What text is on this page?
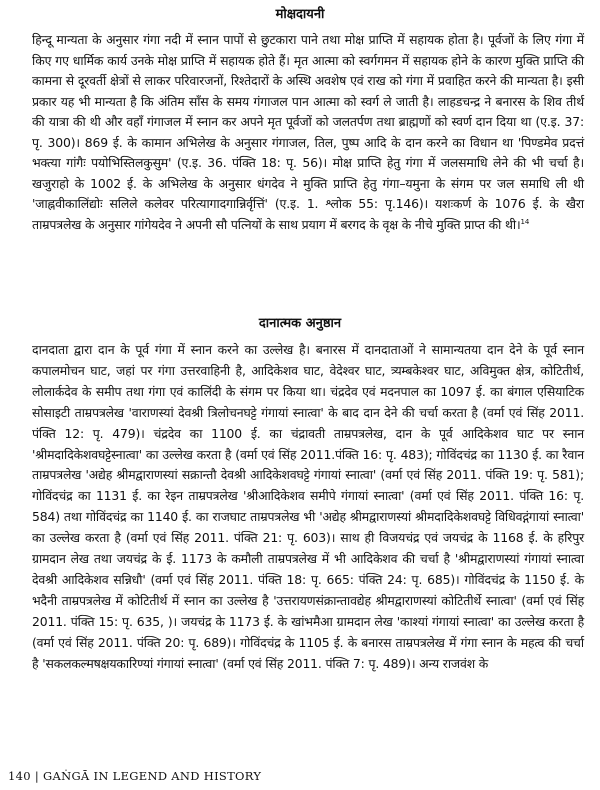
मोक्षदायनी

हिन्दू मान्यता के अनुसार गंगा नदी में स्नान पापों से छुटकारा पाने तथा मोक्ष प्राप्ति में सहायक होता है। पूर्वजों के लिए गंगा में किए गए धार्मिक कार्य उनके मोक्ष प्राप्ति में सहायक होते हैं। मृत आत्मा को स्वर्गगमन में सहायक होने के कारण मुक्ति प्राप्ति की कामना से दूरवर्ती क्षेत्रों से लाकर परिवारजनों, रिश्तेदारों के अस्थि अवशेष एवं राख को गंगा में प्रवाहित करने की मान्यता है। इसी प्रकार यह भी मान्यता है कि अंतिम साँस के समय गंगाजल पान आत्मा को स्वर्ग ले जाती है। लाहडचन्द्र ने बनारस के शिव तीर्थ की यात्रा की थी और वहाँ गंगाजल में स्नान कर अपने मृत पूर्वजों को जलतर्पण तथा ब्राह्मणों को स्वर्ण दान दिया था (ए.इ. 37: पृ. 300)। 869 ई. के कामान अभिलेख के अनुसार गंगाजल, तिल, पुष्प आदि के दान करने का विधान था 'पिण्डमेव प्रदत्तं भक्त्या गांगैः पयोभिस्तिलकुसुम' (ए.इ. 36. पंक्ति 18: पृ. 56)। मोक्ष प्राप्ति हेतु गंगा में जलसमाधि लेने की भी चर्चा है। खजुराहो के 1002 ई. के अभिलेख के अनुसार धंगदेव ने मुक्ति प्राप्ति हेतु गंगा–यमुना के संगम पर जल समाधि ली थी 'जाह्नवीकालिंद्योः सलिले कलेवर परित्यागादगान्निर्वृत्तिं' (ए.इ. 1. श्लोक 55: पृ.146)। यशःकर्ण के 1076 ई. के खैरा ताम्रपत्रलेख के अनुसार गांगेयदेव ने अपनी सौ पत्नियों के साथ प्रयाग में बरगद के वृक्ष के नीचे मुक्ति प्राप्त की थी।$^{14}$

दानात्मक अनुष्ठान

दानदाता द्वारा दान के पूर्व गंगा में स्नान करने का उल्लेख है। बनारस में दानदाताओं ने सामान्यतया दान देने के पूर्व स्नान कपालमोचन घाट, जहां पर गंगा उत्तरवाहिनी है, आदिकेशव घाट, वेदेश्वर घाट, त्र्यम्बकेश्वर घाट, अविमुक्त क्षेत्र, कोटितीर्थ, लोलार्कदेव के समीप तथा गंगा एवं कालिंदी के संगम पर किया था। चंद्रदेव एवं मदनपाल का 1097 ई. का बंगाल एसियाटिक सोसाइटी ताम्रपत्रलेख 'वाराणस्यां देवश्री त्रिलोचनघट्टे गंगायां स्नात्वा' के बाद दान देने की चर्चा करता है (वर्मा एवं सिंह 2011. पंक्ति 12: पृ. 479)। चंद्रदेव का 1100 ई. का चंद्रावती ताम्रपत्रलेख, दान के पूर्व आदिकेशव घाट पर स्नान 'श्रीमदादिकेशवघट्टेस्नात्वा' का उल्लेख करता है (वर्मा एवं सिंह 2011.पंक्ति 16: पृ. 483); गोविंदचंद्र का 1130 ई. का रैवान ताम्रपत्रलेख 'अद्येह श्रीमद्वाराणस्यां सक्रान्तौ देवश्री आदिकेशवघट्टे गंगायां स्नात्वा' (वर्मा एवं सिंह 2011. पंक्ति 19: पृ. 581); गोविंदचंद्र का 1131 ई. का रेइन ताम्रपत्रलेख 'श्रीआदिकेशव समीपे गंगायां स्नात्वा' (वर्मा एवं सिंह 2011. पंक्ति 16: पृ. 584) तथा गोविंदचंद्र का 1140 ई. का राजघाट ताम्रपत्रलेख भी 'अद्येह श्रीमद्वाराणस्यां श्रीमदादिकेशवघट्टे विधिवद्गंगायां स्नात्वा' का उल्लेख करता है (वर्मा एवं सिंह 2011. पंक्ति 21: पृ. 603)। साथ ही विजयचंद्र एवं जयचंद्र के 1168 ई. के हरिपुर ग्रामदान लेख तथा जयचंद्र के ई. 1173 के कमौली ताम्रपत्रलेख में भी आदिकेशव की चर्चा है 'श्रीमद्वाराणस्यां गंगायां स्नात्वा देवश्री आदिकेशव सन्निधौ' (वर्मा एवं सिंह 2011. पंक्ति 18: पृ. 665: पंक्ति 24: पृ. 685)। गोविंदचंद्र के 1150 ई. के भदैनी ताम्रपत्रलेख में कोटितीर्थ में स्नान का उल्लेख है 'उत्तरायणसंक्रान्तावद्येह श्रीमद्वाराणस्यां कोटितीर्थे स्नात्वा' (वर्मा एवं सिंह 2011. पंक्ति 15: पृ. 635, )। जयचंद्र के 1173 ई. के खांभमैआ ग्रामदान लेख 'काश्यां गंगायां स्नात्वा' का उल्लेख करता है (वर्मा एवं सिंह 2011. पंक्ति 20: पृ. 689)। गोविंदचंद्र के 1105 ई. के बनारस ताम्रपत्रलेख में गंगा स्नान के महत्व की चर्चा है 'सकलकल्मषक्षयकारिण्यां गंगायां स्नात्वा' (वर्मा एवं सिंह 2011. पंक्ति 7: पृ. 489)। अन्य राजवंश के

140 | GAṄGĀ IN LEGEND AND HISTORY
